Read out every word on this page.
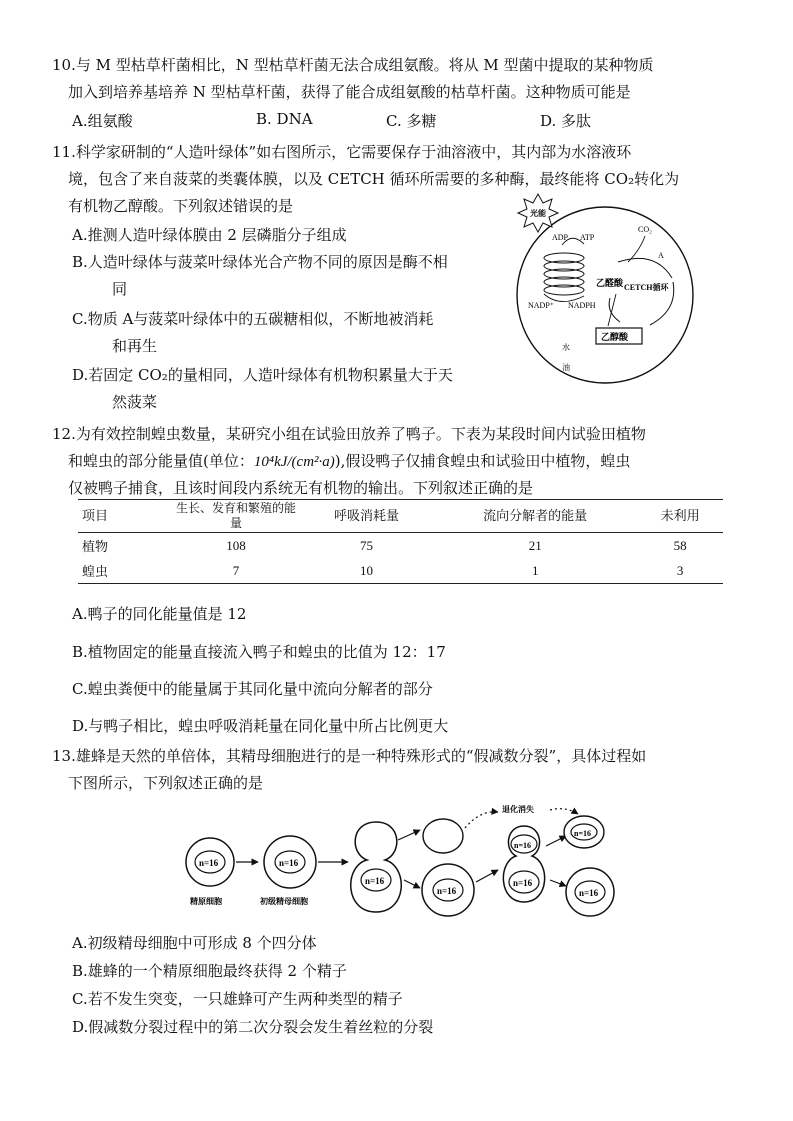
10.与 M 型枯草杆菌相比，N 型枯草杆菌无法合成组氨酸。将从 M 型菌中提取的某种物质
加入到培养基培养 N 型枯草杆菌，获得了能合成组氨酸的枯草杆菌。这种物质可能是
A.组氨酸	B. DNA	C. 多糖	D. 多肽
11.科学家研制的“人造叶绿体”如右图所示，它需要保存于油溶液中，其内部为水溶液环
境，包含了来自菠菜的类囊体膜，以及 CETCH 循环所需要的多种酶，最终能将 CO₂转化为
有机物乙醇酸。下列叙述错误的是
A.推测人造叶绿体膜由 2 层磷脂分子组成
B.人造叶绿体与菠菜叶绿体光合产物不同的原因是酶不相
同
C.物质 A与菠菜叶绿体中的五碳糖相似，不断地被消耗
和再生
D.若固定 CO₂的量相同，人造叶绿体有机物积累量大于天
然菠菜
光能
ADP ATP
NADP⁺ NADPH
CO₂
A
乙醛酸 CETCH循环
乙醇酸
水
油
12.为有效控制蝗虫数量，某研究小组在试验田放养了鸭子。下表为某段时间内试验田植物
和蝗虫的部分能量值(单位：10⁴kJ/(cm²·a)),假设鸭子仅捕食蝗虫和试验田中植物，蝗虫
仅被鸭子捕食，且该时间段内系统无有机物的输出。下列叙述正确的是
项目	生长、发育和繁殖的能量	呼吸消耗量	流向分解者的能量	未利用
植物	108	75	21	58
蝗虫	7	10	1	3
A.鸭子的同化能量值是 12
B.植物固定的能量直接流入鸭子和蝗虫的比值为 12：17
C.蝗虫粪便中的能量属于其同化量中流向分解者的部分
D.与鸭子相比，蝗虫呼吸消耗量在同化量中所占比例更大
13.雄蜂是天然的单倍体，其精母细胞进行的是一种特殊形式的“假减数分裂”，具体过程如
下图所示，下列叙述正确的是
n=16
精原细胞
n=16
初级精母细胞
n=16
退化消失
n=16
n=16
n=16
n=16
n=16
A.初级精母细胞中可形成 8 个四分体
B.雄蜂的一个精原细胞最终获得 2 个精子
C.若不发生突变，一只雄蜂可产生两种类型的精子
D.假减数分裂过程中的第二次分裂会发生着丝粒的分裂
